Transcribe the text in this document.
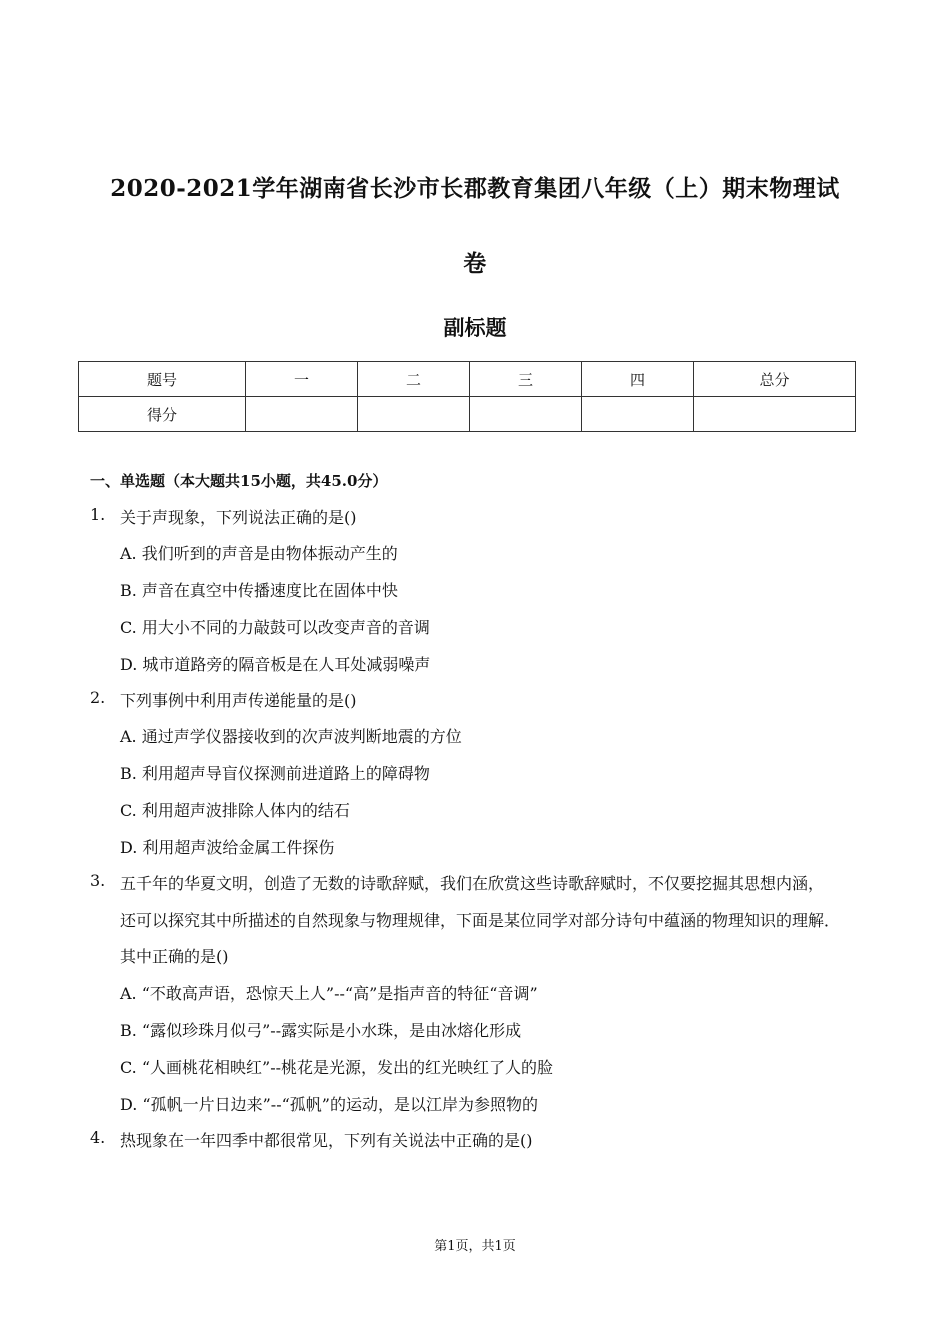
2020-2021学年湖南省长沙市长郡教育集团八年级（上）期末物理试
卷
副标题
题号	一	二	三	四	总分
得分					
一、单选题（本大题共15小题，共45.0分）
1. 关于声现象，下列说法正确的是()
A. 我们听到的声音是由物体振动产生的
B. 声音在真空中传播速度比在固体中快
C. 用大小不同的力敲鼓可以改变声音的音调
D. 城市道路旁的隔音板是在人耳处减弱噪声
2. 下列事例中利用声传递能量的是()
A. 通过声学仪器接收到的次声波判断地震的方位
B. 利用超声导盲仪探测前进道路上的障碍物
C. 利用超声波排除人体内的结石
D. 利用超声波给金属工件探伤
3. 五千年的华夏文明，创造了无数的诗歌辞赋，我们在欣赏这些诗歌辞赋时，不仅要挖掘其思想内涵，
还可以探究其中所描述的自然现象与物理规律，下面是某位同学对部分诗句中蕴涵的物理知识的理解．
其中正确的是()
A. “不敢高声语，恐惊天上人”--“高”是指声音的特征“音调”
B. “露似珍珠月似弓”--露实际是小水珠，是由冰熔化形成
C. “人画桃花相映红”--桃花是光源，发出的红光映红了人的脸
D. “孤帆一片日边来”--“孤帆”的运动，是以江岸为参照物的
4. 热现象在一年四季中都很常见，下列有关说法中正确的是()
第1页，共1页
